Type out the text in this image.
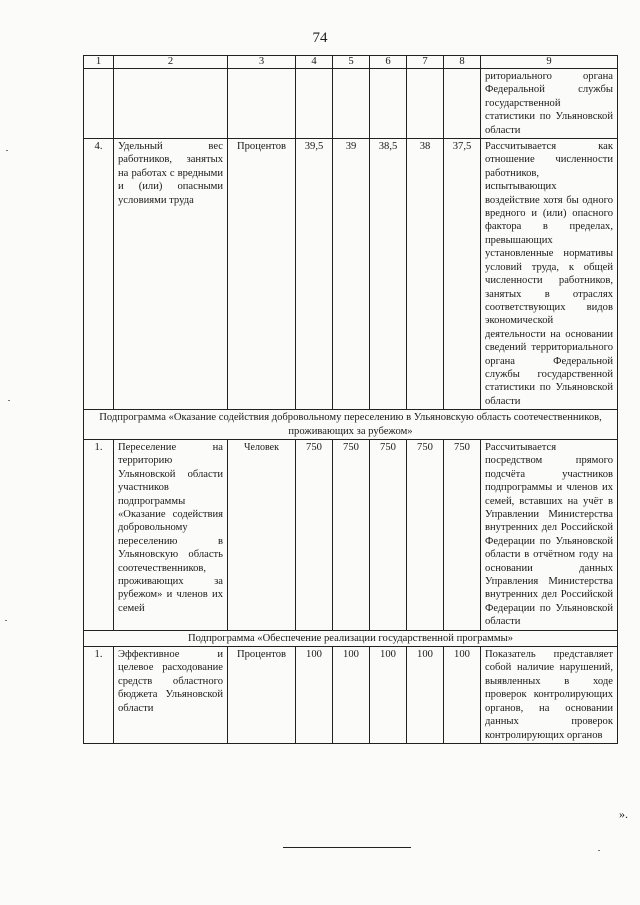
74
1	2	3	4	5	6	7	8	9
								риториального органа Федеральной службы государственной статистики по Ульяновской области
4.	Удельный вес работников, занятых на работах с вредными и (или) опасными условиями труда	Процентов	39,5	39	38,5	38	37,5	Рассчитывается как отношение численности работников, испытывающих воздействие хотя бы одного вредного и (или) опасного фактора в пределах, превышающих установленные нормативы условий труда, к общей численности работников, занятых в отраслях соответствующих видов экономической деятельности на основании сведений территориального органа Федеральной службы государственной статистики по Ульяновской области
Подпрограмма «Оказание содействия добровольному переселению в Ульяновскую область соотечественников, проживающих за рубежом»								
1.	Переселение на территорию Ульяновской области участников подпрограммы «Оказание содействия добровольному переселению в Ульяновскую область соотечественников, проживающих за рубежом» и членов их семей	Человек	750	750	750	750	750	Рассчитывается посредством прямого подсчёта участников подпрограммы и членов их семей, вставших на учёт в Управлении Министерства внутренних дел Российской Федерации по Ульяновской области в отчётном году на основании данных Управления Министерства внутренних дел Российской Федерации по Ульяновской области
Подпрограмма «Обеспечение реализации государственной программы»								
1.	Эффективное и целевое расходование средств областного бюджета Ульяновской области	Процентов	100	100	100	100	100	Показатель представляет собой наличие нарушений, выявленных в ходе проверок контролирующих органов, на основании данных проверок контролирующих органов
».
